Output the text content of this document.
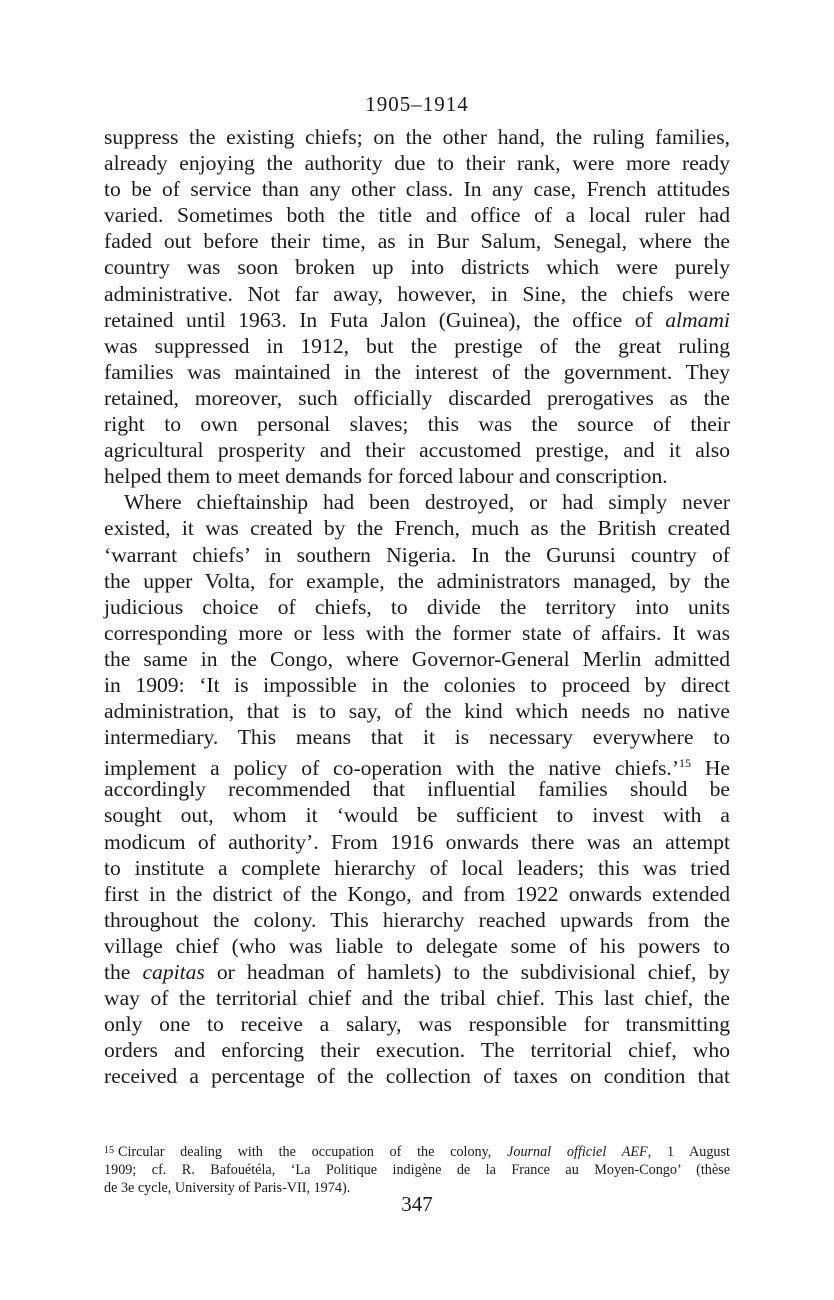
1905–1914
suppress the existing chiefs; on the other hand, the ruling families,
already enjoying the authority due to their rank, were more ready
to be of service than any other class. In any case, French attitudes
varied. Sometimes both the title and office of a local ruler had
faded out before their time, as in Bur Salum, Senegal, where the
country was soon broken up into districts which were purely
administrative. Not far away, however, in Sine, the chiefs were
retained until 1963. In Futa Jalon (Guinea), the office of almami
was suppressed in 1912, but the prestige of the great ruling
families was maintained in the interest of the government. They
retained, moreover, such officially discarded prerogatives as the
right to own personal slaves; this was the source of their
agricultural prosperity and their accustomed prestige, and it also
helped them to meet demands for forced labour and conscription.
Where chieftainship had been destroyed, or had simply never
existed, it was created by the French, much as the British created
‘warrant chiefs’ in southern Nigeria. In the Gurunsi country of
the upper Volta, for example, the administrators managed, by the
judicious choice of chiefs, to divide the territory into units
corresponding more or less with the former state of affairs. It was
the same in the Congo, where Governor-General Merlin admitted
in 1909: ‘It is impossible in the colonies to proceed by direct
administration, that is to say, of the kind which needs no native
intermediary. This means that it is necessary everywhere to
implement a policy of co-operation with the native chiefs.’$^{15}$ He
accordingly recommended that influential families should be
sought out, whom it ‘would be sufficient to invest with a
modicum of authority’. From 1916 onwards there was an attempt
to institute a complete hierarchy of local leaders; this was tried
first in the district of the Kongo, and from 1922 onwards extended
throughout the colony. This hierarchy reached upwards from the
village chief (who was liable to delegate some of his powers to
the capitas or headman of hamlets) to the subdivisional chief, by
way of the territorial chief and the tribal chief. This last chief, the
only one to receive a salary, was responsible for transmitting
orders and enforcing their execution. The territorial chief, who
received a percentage of the collection of taxes on condition that
$^{15}$ Circular dealing with the occupation of the colony, Journal officiel AEF, 1 August
1909; cf. R. Bafouétéla, ‘La Politique indigène de la France au Moyen-Congo’ (thèse
de 3e cycle, University of Paris-VII, 1974).
347
